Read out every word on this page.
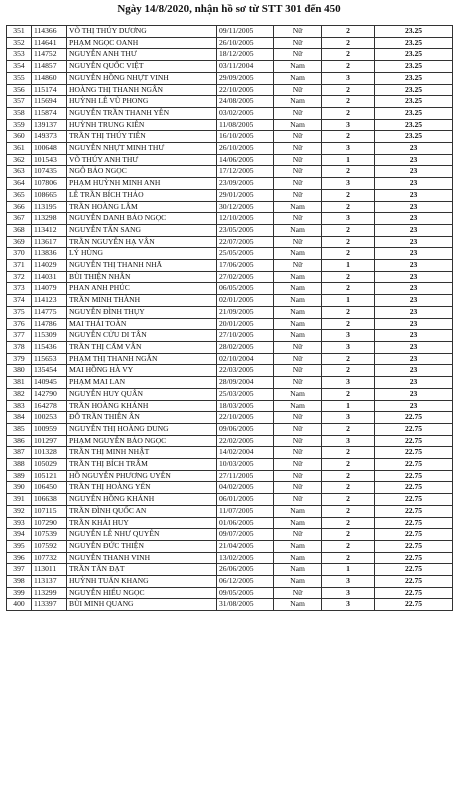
Ngày 14/8/2020, nhận hồ sơ từ STT 301 đến 450
351	114366	VÕ THỊ THÚY DƯƠNG	09/11/2005	Nữ	2	23.25
352	114641	PHẠM NGỌC OANH	26/10/2005	Nữ	2	23.25
353	114752	NGUYỄN ANH THƯ	18/12/2005	Nữ	2	23.25
354	114857	NGUYỄN QUỐC VIỆT	03/11/2004	Nam	2	23.25
355	114860	NGUYỄN HỒNG NHỰT VINH	29/09/2005	Nam	3	23.25
356	115174	HOÀNG THỊ THANH NGÂN	22/10/2005	Nữ	2	23.25
357	115694	HUỲNH LÊ VŨ PHONG	24/08/2005	Nam	2	23.25
358	115874	NGUYỄN TRẦN THANH YÊN	03/02/2005	Nữ	2	23.25
359	139137	HUỲNH TRUNG KIÊN	11/08/2005	Nam	3	23.25
360	149373	TRẦN THỊ THÚY TIÊN	16/10/2005	Nữ	2	23.25
361	100648	NGUYỄN NHỰT MINH THƯ	26/10/2005	Nữ	3	23
362	101543	VÕ THÚY ANH THƯ	14/06/2005	Nữ	1	23
363	107435	NGÔ BẢO NGỌC	17/12/2005	Nữ	2	23
364	107806	PHẠM HUỲNH MINH ANH	23/09/2005	Nữ	3	23
365	108665	LÊ TRẦN BÍCH THẢO	29/01/2005	Nữ	2	23
366	113195	TRẦN HOÀNG LÂM	30/12/2005	Nam	2	23
367	113298	NGUYỄN DANH BẢO NGỌC	12/10/2005	Nữ	3	23
368	113412	NGUYỄN TẤN SANG	23/05/2005	Nam	2	23
369	113617	TRẦN NGUYỄN HẠ VÂN	22/07/2005	Nữ	2	23
370	113836	LÝ HÙNG	25/05/2005	Nam	2	23
371	114029	NGUYỄN THỊ THANH NHÃ	17/06/2005	Nữ	1	23
372	114031	BÙI THIỆN NHÂN	27/02/2005	Nam	2	23
373	114079	PHAN ANH PHÚC	06/05/2005	Nam	2	23
374	114123	TRẦN MINH THÀNH	02/01/2005	Nam	1	23
375	114775	NGUYỄN ĐÌNH THỤY	21/09/2005	Nam	2	23
376	114786	MAI THÁI TOÀN	20/01/2005	Nam	2	23
377	115309	NGUYỄN CỬU DI TÂN	27/10/2005	Nam	3	23
378	115436	TRẦN THỊ CẨM VÂN	28/02/2005	Nữ	3	23
379	115653	PHẠM THỊ THANH NGÂN	02/10/2004	Nữ	2	23
380	135454	MAI HỒNG HÀ VY	22/03/2005	Nữ	2	23
381	140945	PHẠM MAI LAN	28/09/2004	Nữ	3	23
382	142790	NGUYỄN HUY QUÂN	25/03/2005	Nam	2	23
383	164278	TRẦN HOÀNG KHÁNH	18/03/2005	Nam	1	23
384	100253	ĐỖ TRẦN THIÊN ÂN	22/10/2005	Nữ	3	22.75
385	100959	NGUYỄN THỊ HOÀNG DUNG	09/06/2005	Nữ	2	22.75
386	101297	PHẠM NGUYỄN BẢO NGỌC	22/02/2005	Nữ	3	22.75
387	101328	TRẦN THỊ MINH NHẬT	14/02/2004	Nữ	2	22.75
388	105029	TRẦN THỊ BÍCH TRÂM	10/03/2005	Nữ	2	22.75
389	105121	HỒ NGUYỄN PHƯƠNG UYÊN	27/11/2005	Nữ	2	22.75
390	106450	TRẦN THỊ HOÀNG YẾN	04/02/2005	Nữ	2	22.75
391	106638	NGUYỄN HỒNG KHÁNH	06/01/2005	Nữ	2	22.75
392	107115	TRẦN ĐÌNH QUỐC AN	11/07/2005	Nam	2	22.75
393	107290	TRẦN KHẢI HUY	01/06/2005	Nam	2	22.75
394	107539	NGUYỄN LÊ NHƯ QUYÊN	09/07/2005	Nữ	2	22.75
395	107592	NGUYỄN ĐỨC THIỆN	21/04/2005	Nam	2	22.75
396	107732	NGUYỄN THANH VINH	13/02/2005	Nam	2	22.75
397	113011	TRẦN TẤN ĐẠT	26/06/2005	Nam	1	22.75
398	113137	HUỲNH TUẤN KHANG	06/12/2005	Nam	3	22.75
399	113299	NGUYỄN HIẾU NGỌC	09/05/2005	Nữ	3	22.75
400	113397	BÙI MINH QUANG	31/08/2005	Nam	3	22.75
